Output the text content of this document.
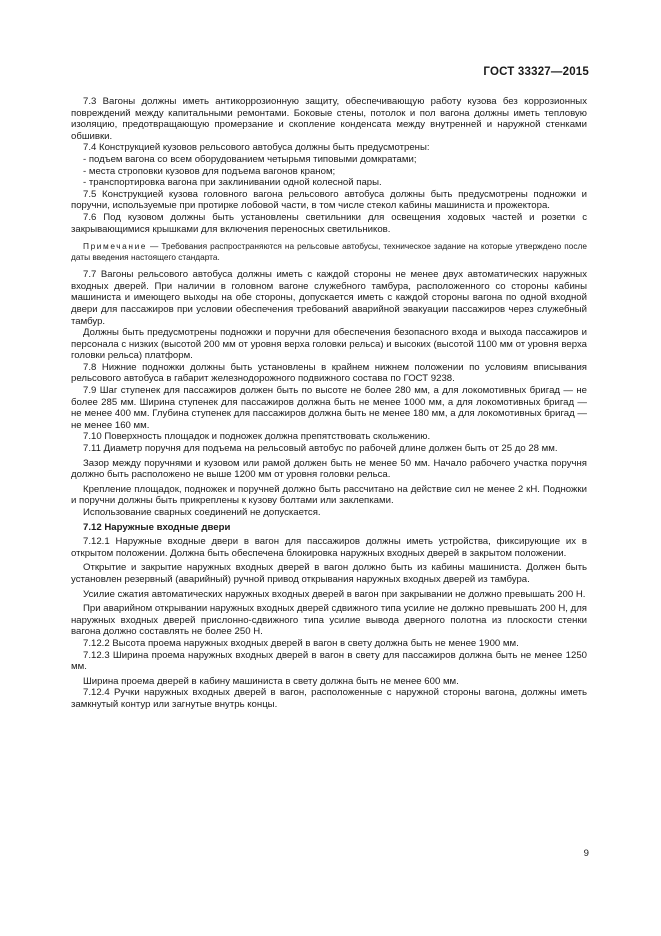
ГОСТ 33327—2015

7.3 Вагоны должны иметь антикоррозионную защиту, обеспечивающую работу кузова без коррозионных повреждений между капитальными ремонтами. Боковые стены, потолок и пол вагона должны иметь тепловую изоляцию, предотвращающую промерзание и скопление конденсата между внутренней и наружной стенками обшивки.

7.4 Конструкцией кузовов рельсового автобуса должны быть предусмотрены:

- подъем вагона со всем оборудованием четырьмя типовыми домкратами;

- места строповки кузовов для подъема вагонов краном;

- транспортировка вагона при заклинивании одной колесной пары.

7.5 Конструкцией кузова головного вагона рельсового автобуса должны быть предусмотрены подножки и поручни, используемые при протирке лобовой части, в том числе стекол кабины машиниста и прожектора.

7.6 Под кузовом должны быть установлены светильники для освещения ходовых частей и розетки с закрывающимися крышками для включения переносных светильников.

Примечание — Требования распространяются на рельсовые автобусы, техническое задание на которые утверждено после даты введения настоящего стандарта.

7.7 Вагоны рельсового автобуса должны иметь с каждой стороны не менее двух автоматических наружных входных дверей. При наличии в головном вагоне служебного тамбура, расположенного со стороны кабины машиниста и имеющего выходы на обе стороны, допускается иметь с каждой стороны вагона по одной входной двери для пассажиров при условии обеспечения требований аварийной эвакуации пассажиров через служебный тамбур.

Должны быть предусмотрены подножки и поручни для обеспечения безопасного входа и выхода пассажиров и персонала с низких (высотой 200 мм от уровня верха головки рельса) и высоких (высотой 1100 мм от уровня верха головки рельса) платформ.

7.8 Нижние подножки должны быть установлены в крайнем нижнем положении по условиям вписывания рельсового автобуса в габарит железнодорожного подвижного состава по ГОСТ 9238.

7.9 Шаг ступенек для пассажиров должен быть по высоте не более 280 мм, а для локомотивных бригад — не более 285 мм. Ширина ступенек для пассажиров должна быть не менее 1000 мм, а для локомотивных бригад — не менее 400 мм. Глубина ступенек для пассажиров должна быть не менее 180 мм, а для локомотивных бригад — не менее 160 мм.

7.10 Поверхность площадок и подножек должна препятствовать скольжению.

7.11 Диаметр поручня для подъема на рельсовый автобус по рабочей длине должен быть от 25 до 28 мм.

Зазор между поручнями и кузовом или рамой должен быть не менее 50 мм. Начало рабочего участка поручня должно быть расположено не выше 1200 мм от уровня головки рельса.

Крепление площадок, подножек и поручней должно быть рассчитано на действие сил не менее 2 кН. Подножки и поручни должны быть прикреплены к кузову болтами или заклепками.

Использование сварных соединений не допускается.

7.12 Наружные входные двери

7.12.1 Наружные входные двери в вагон для пассажиров должны иметь устройства, фиксирующие их в открытом положении. Должна быть обеспечена блокировка наружных входных дверей в закрытом положении.

Открытие и закрытие наружных входных дверей в вагон должно быть из кабины машиниста. Должен быть установлен резервный (аварийный) ручной привод открывания наружных входных дверей из тамбура.

Усилие сжатия автоматических наружных входных дверей в вагон при закрывании не должно превышать 200 Н.

При аварийном открывании наружных входных дверей сдвижного типа усилие не должно превышать 200 Н, для наружных входных дверей прислонно-сдвижного типа усилие вывода дверного полотна из плоскости стенки вагона должно составлять не более 250 Н.

7.12.2 Высота проема наружных входных дверей в вагон в свету должна быть не менее 1900 мм.

7.12.3 Ширина проема наружных входных дверей в вагон в свету для пассажиров должна быть не менее 1250 мм.

Ширина проема дверей в кабину машиниста в свету должна быть не менее 600 мм.

7.12.4 Ручки наружных входных дверей в вагон, расположенные с наружной стороны вагона, должны иметь замкнутый контур или загнутые внутрь концы.

9
